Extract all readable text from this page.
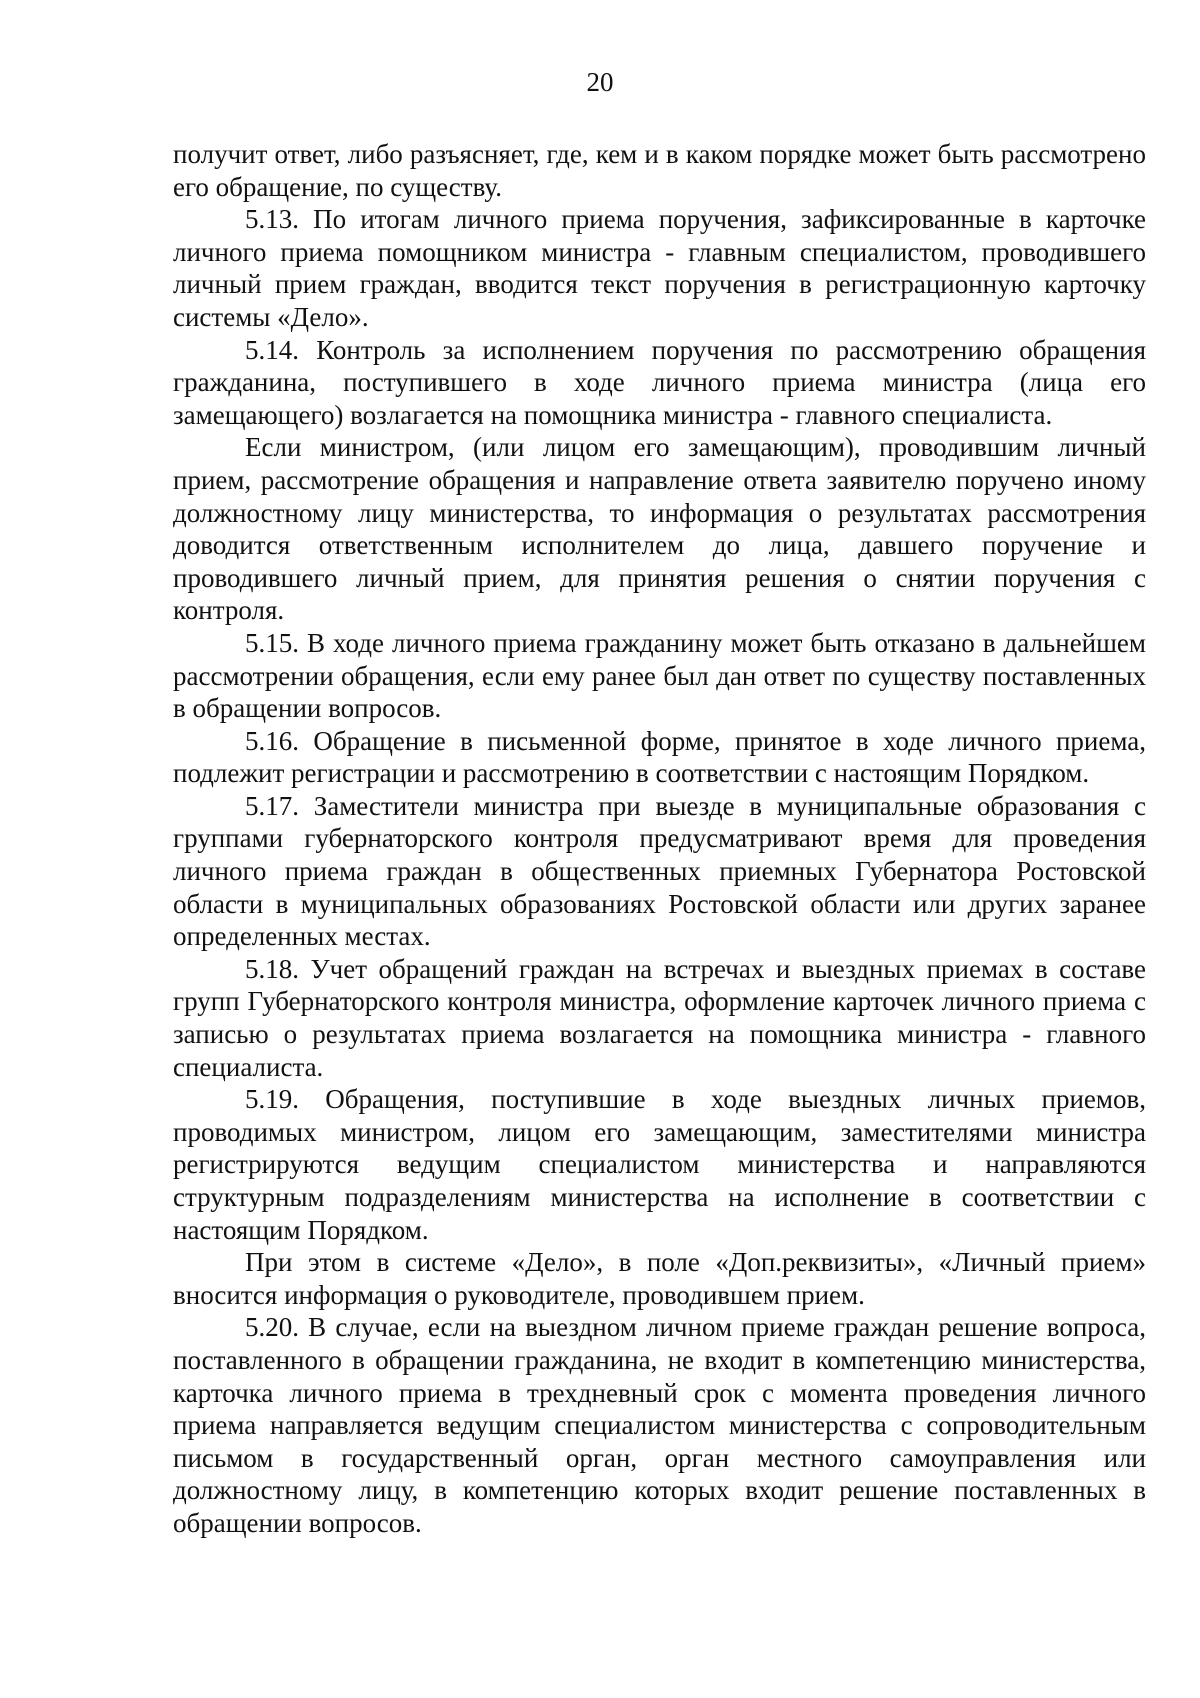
20

получит ответ, либо разъясняет, где, кем и в каком порядке может быть рассмотрено его обращение, по существу.

5.13. По итогам личного приема поручения, зафиксированные в карточке личного приема помощником министра - главным специалистом, проводившего личный прием граждан, вводится текст поручения в регистрационную карточку системы «Дело».

5.14. Контроль за исполнением поручения по рассмотрению обращения гражданина, поступившего в ходе личного приема министра (лица его замещающего) возлагается на помощника министра - главного специалиста.

Если министром, (или лицом его замещающим), проводившим личный прием, рассмотрение обращения и направление ответа заявителю поручено иному должностному лицу министерства, то информация о результатах рассмотрения доводится ответственным исполнителем до лица, давшего поручение и проводившего личный прием, для принятия решения о снятии поручения с контроля.

5.15. В ходе личного приема гражданину может быть отказано в дальнейшем рассмотрении обращения, если ему ранее был дан ответ по существу поставленных в обращении вопросов.

5.16. Обращение в письменной форме, принятое в ходе личного приема, подлежит регистрации и рассмотрению в соответствии с настоящим Порядком.

5.17. Заместители министра при выезде в муниципальные образования с группами губернаторского контроля предусматривают время для проведения личного приема граждан в общественных приемных Губернатора Ростовской области в муниципальных образованиях Ростовской области или других заранее определенных местах.

5.18. Учет обращений граждан на встречах и выездных приемах в составе групп Губернаторского контроля министра, оформление карточек личного приема с записью о результатах приема возлагается на помощника министра - главного специалиста.

5.19. Обращения, поступившие в ходе выездных личных приемов, проводимых министром, лицом его замещающим, заместителями министра регистрируются ведущим специалистом министерства и направляются структурным подразделениям министерства на исполнение в соответствии с настоящим Порядком.

При этом в системе «Дело», в поле «Доп.реквизиты», «Личный прием» вносится информация о руководителе, проводившем прием.

5.20. В случае, если на выездном личном приеме граждан решение вопроса, поставленного в обращении гражданина, не входит в компетенцию министерства, карточка личного приема в трехдневный срок с момента проведения личного приема направляется ведущим специалистом министерства с сопроводительным письмом в государственный орган, орган местного самоуправления или должностному лицу, в компетенцию которых входит решение поставленных в обращении вопросов.
